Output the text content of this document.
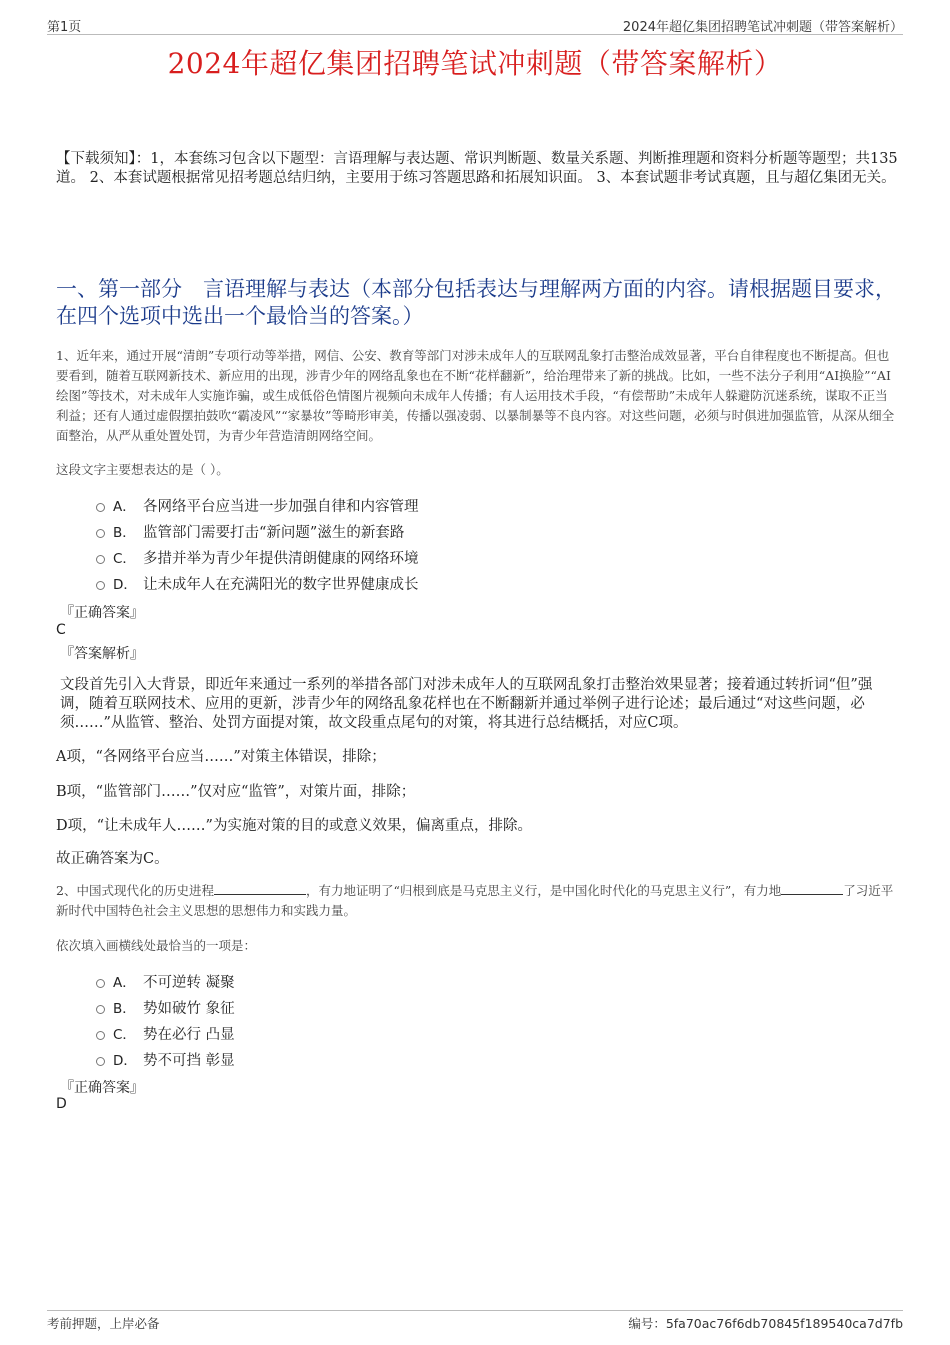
第1页	2024年超亿集团招聘笔试冲刺题（带答案解析）
2024年超亿集团招聘笔试冲刺题（带答案解析）
【下载须知】：1，本套练习包含以下题型：言语理解与表达题、常识判断题、数量关系题、判断推理题和资料分析题等题型；共135道。 2、本套试题根据常见招考题总结归纳，主要用于练习答题思路和拓展知识面。 3、本套试题非考试真题，且与超亿集团无关。
一、第一部分　言语理解与表达（本部分包括表达与理解两方面的内容。请根据题目要求，在四个选项中选出一个最恰当的答案。）
1、近年来，通过开展“清朗”专项行动等举措，网信、公安、教育等部门对涉未成年人的互联网乱象打击整治成效显著，平台自律程度也不断提高。但也要看到，随着互联网新技术、新应用的出现，涉青少年的网络乱象也在不断“花样翻新”，给治理带来了新的挑战。比如，一些不法分子利用“AI换脸”“AI绘图”等技术，对未成年人实施诈骗，或生成低俗色情图片视频向未成年人传播；有人运用技术手段，“有偿帮助”未成年人躲避防沉迷系统，谋取不正当利益；还有人通过虚假摆拍鼓吹“霸凌风”“家暴妆”等畸形审美，传播以强凌弱、以暴制暴等不良内容。对这些问题，必须与时俱进加强监管，从深从细全面整治，从严从重处置处罚，为青少年营造清朗网络空间。
这段文字主要想表达的是（ ）。
A． 各网络平台应当进一步加强自律和内容管理
B． 监管部门需要打击“新问题”滋生的新套路
C． 多措并举为青少年提供清朗健康的网络环境
D． 让未成年人在充满阳光的数字世界健康成长
『正确答案』
C
『答案解析』
文段首先引入大背景，即近年来通过一系列的举措各部门对涉未成年人的互联网乱象打击整治效果显著；接着通过转折词“但”强调，随着互联网技术、应用的更新，涉青少年的网络乱象花样也在不断翻新并通过举例子进行论述；最后通过“对这些问题，必须……”从监管、整治、处罚方面提对策，故文段重点尾句的对策，将其进行总结概括，对应C项。
A项，“各网络平台应当……”对策主体错误，排除；
B项，“监管部门……”仅对应“监管”，对策片面，排除；
D项，“让未成年人……”为实施对策的目的或意义效果，偏离重点，排除。
故正确答案为C。
2、中国式现代化的历史进程	，有力地证明了“归根到底是马克思主义行，是中国化时代化的马克思主义行”，有力地	了习近平新时代中国特色社会主义思想的思想伟力和实践力量。
依次填入画横线处最恰当的一项是：
A． 不可逆转 凝聚
B． 势如破竹 象征
C． 势在必行 凸显
D． 势不可挡 彰显
『正确答案』
D
考前押题，上岸必备	编号：5fa70ac76f6db70845f189540ca7d7fb
